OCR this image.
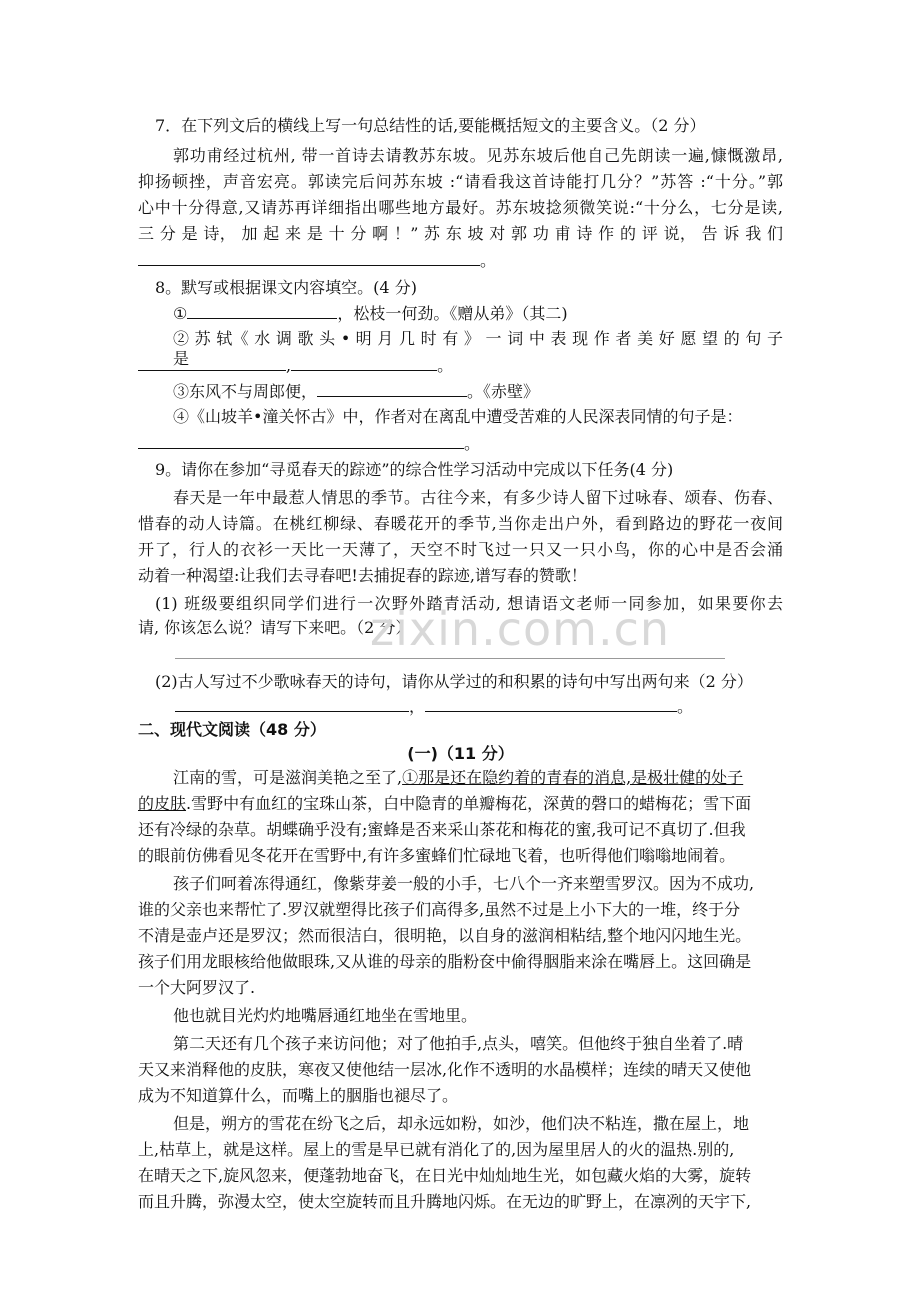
7．在下列文后的横线上写一句总结性的话,要能概括短文的主要含义。（2 分）
郭功甫经过杭州, 带一首诗去请教苏东坡。见苏东坡后他自己先朗读一遍,慷慨激昂,
抑扬顿挫，声音宏亮。郭读完后问苏东坡 :“请看我这首诗能打几分？”苏答 :“十分。”郭
心中十分得意,又请苏再详细指出哪些地方最好。苏东坡捻须微笑说:“十分么，七分是读,
三 分 是 诗， 加 起 来 是 十 分 啊 ！” 苏 东 坡 对 郭 功 甫 诗 作 的 评 说， 告 诉 我 们
。
8。默写或根据课文内容填空。(4 分)
①	，松枝一何劲。《赠从弟》（其二)
② 苏 轼《 水 调 歌 头 • 明 月 几 时 有 》 一 词 中 表 现 作 者 美 好 愿 望 的 句 子 是	,	。
③东风不与周郎便，	。《赤壁》
④《山坡羊•潼关怀古》中，作者对在离乱中遭受苦难的人民深表同情的句子是：
。
9。请你在参加“寻觅春天的踪迹”的综合性学习活动中完成以下任务(4 分)
春天是一年中最惹人情思的季节。古往今来，有多少诗人留下过咏春、颂春、伤春、
惜春的动人诗篇。在桃红柳绿、春暖花开的季节,当你走出户外，看到路边的野花一夜间
开了，行人的衣衫一天比一天薄了，天空不时飞过一只又一只小鸟，你的心中是否会涌
动着一种渴望:让我们去寻春吧!去捕捉春的踪迹,谱写春的赞歌！
(1) 班级要组织同学们进行一次野外踏青活动, 想请语文老师一同参加，如果要你去
请, 你该怎么说？请写下来吧。（2 分）
zixin.com.cn
(2)古人写过不少歌咏春天的诗句，请你从学过的和积累的诗句中写出两句来（2 分）
，	。
二、现代文阅读（48 分）
(一)（11 分）
江南的雪，可是滋润美艳之至了,①那是还在隐约着的青春的消息,是极壮健的处子
的皮肤.雪野中有血红的宝珠山茶，白中隐青的单瓣梅花，深黄的磬口的蜡梅花；雪下面
还有冷绿的杂草。胡蝶确乎没有;蜜蜂是否来采山茶花和梅花的蜜,我可记不真切了.但我
的眼前仿佛看见冬花开在雪野中,有许多蜜蜂们忙碌地飞着，也听得他们嗡嗡地闹着。
孩子们呵着冻得通红，像紫芽姜一般的小手，七八个一齐来塑雪罗汉。因为不成功,
谁的父亲也来帮忙了.罗汉就塑得比孩子们高得多,虽然不过是上小下大的一堆，终于分
不清是壶卢还是罗汉；然而很洁白，很明艳，以自身的滋润相粘结,整个地闪闪地生光。
孩子们用龙眼核给他做眼珠,又从谁的母亲的脂粉奁中偷得胭脂来涂在嘴唇上。这回确是
一个大阿罗汉了.
他也就目光灼灼地嘴唇通红地坐在雪地里。
第二天还有几个孩子来访问他；对了他拍手,点头，嘻笑。但他终于独自坐着了.晴
天又来消释他的皮肤，寒夜又使他结一层冰,化作不透明的水晶模样；连续的晴天又使他
成为不知道算什么，而嘴上的胭脂也褪尽了。
但是，朔方的雪花在纷飞之后，却永远如粉，如沙，他们决不粘连，撒在屋上，地
上,枯草上，就是这样。屋上的雪是早已就有消化了的,因为屋里居人的火的温热.别的,
在晴天之下,旋风忽来，便蓬勃地奋飞，在日光中灿灿地生光，如包藏火焰的大雾，旋转
而且升腾，弥漫太空，使太空旋转而且升腾地闪烁。在无边的旷野上，在凛冽的天宇下,
